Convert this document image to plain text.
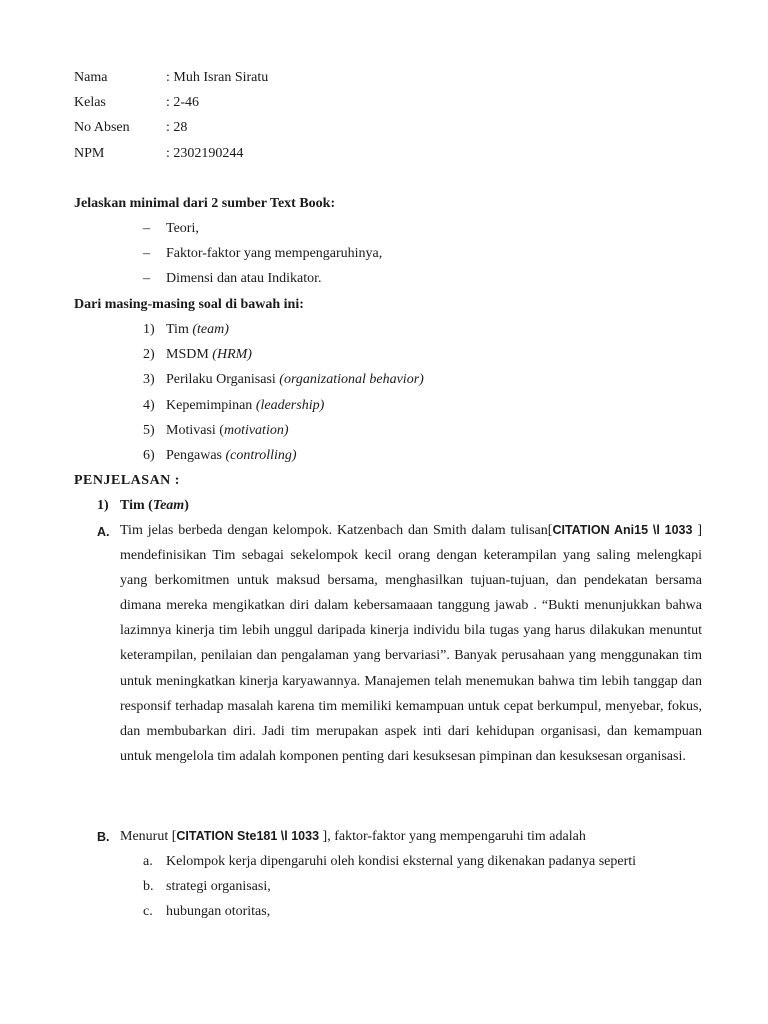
Nama	: Muh Isran Siratu
Kelas	: 2-46
No Absen	: 28
NPM	: 2302190244
Jelaskan minimal dari 2 sumber Text Book:
– Teori,
– Faktor-faktor yang mempengaruhinya,
– Dimensi dan atau Indikator.
Dari masing-masing soal di bawah ini:
1) Tim (team)
2) MSDM (HRM)
3) Perilaku Organisasi (organizational behavior)
4) Kepemimpinan (leadership)
5) Motivasi (motivation)
6) Pengawas (controlling)
PENJELASAN :
1) Tim (Team)
A. Tim jelas berbeda dengan kelompok. Katzenbach dan Smith dalam tulisan[CITATION Ani15 \l 1033 ] mendefinisikan Tim sebagai sekelompok kecil orang dengan keterampilan yang saling melengkapi yang berkomitmen untuk maksud bersama, menghasilkan tujuan-tujuan, dan pendekatan bersama dimana mereka mengikatkan diri dalam kebersamaaan tanggung jawab . “Bukti menunjukkan bahwa lazimnya kinerja tim lebih unggul daripada kinerja individu bila tugas yang harus dilakukan menuntut keterampilan, penilaian dan pengalaman yang bervariasi”. Banyak perusahaan yang menggunakan tim untuk meningkatkan kinerja karyawannya. Manajemen telah menemukan bahwa tim lebih tanggap dan responsif terhadap masalah karena tim memiliki kemampuan untuk cepat berkumpul, menyebar, fokus, dan membubarkan diri. Jadi tim merupakan aspek inti dari kehidupan organisasi, dan kemampuan untuk mengelola tim adalah komponen penting dari kesuksesan pimpinan dan kesuksesan organisasi.
B. Menurut [CITATION Ste181 \l 1033 ], faktor-faktor yang mempengaruhi tim adalah
a. Kelompok kerja dipengaruhi oleh kondisi eksternal yang dikenakan padanya seperti
b. strategi organisasi,
c. hubungan otoritas,
